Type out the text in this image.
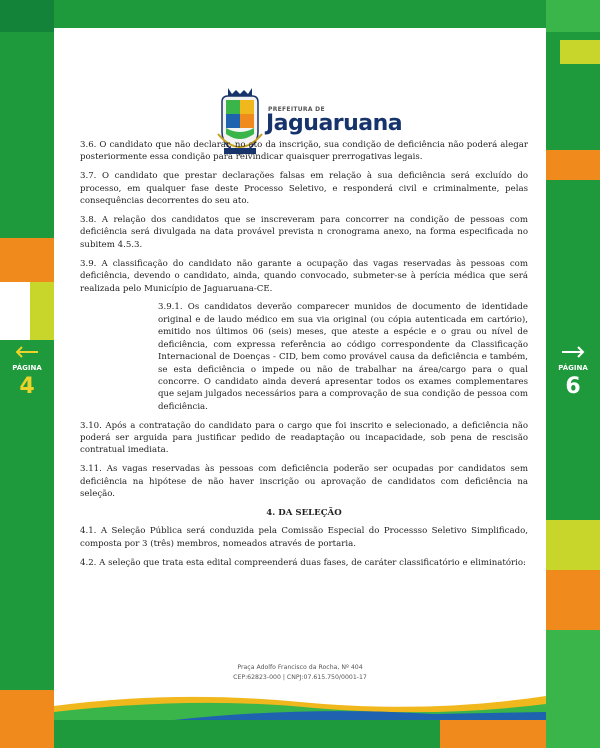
PÁGINA
4
PÁGINA
6
PREFEITURA DE
Jaguaruana

3.6. O candidato que não declarar, no ato da inscrição, sua condição de deficiência não poderá alegar posteriormente essa condição para reivindicar quaisquer prerrogativas legais.

3.7. O candidato que prestar declarações falsas em relação à sua deficiência será excluído do processo, em qualquer fase deste Processo Seletivo, e responderá civil e criminalmente, pelas consequências decorrentes do seu ato.

3.8. A relação dos candidatos que se inscreveram para concorrer na condição de pessoas com deficiência será divulgada na data provável prevista n cronograma anexo, na forma especificada no subitem 4.5.3.

3.9. A classificação do candidato não garante a ocupação das vagas reservadas às pessoas com deficiência, devendo o candidato, ainda, quando convocado, submeter-se à perícia médica que será realizada pelo Município de Jaguaruana-CE.

3.9.1. Os candidatos deverão comparecer munidos de documento de identidade original e de laudo médico em sua via original (ou cópia autenticada em cartório), emitido nos últimos 06 (seis) meses, que ateste a espécie e o grau ou nível de deficiência, com expressa referência ao código correspondente da Classificação Internacional de Doenças - CID, bem como provável causa da deficiência e também, se esta deficiência o impede ou não de trabalhar na área/cargo para o qual concorre. O candidato ainda deverá apresentar todos os exames complementares que sejam julgados necessários para a comprovação de sua condição de pessoa com deficiência.

3.10. Após a contratação do candidato para o cargo que foi inscrito e selecionado, a deficiência não poderá ser arguida para justificar pedido de readaptação ou incapacidade, sob pena de rescisão contratual imediata.

3.11. As vagas reservadas às pessoas com deficiência poderão ser ocupadas por candidatos sem deficiência na hipótese de não haver inscrição ou aprovação de candidatos com deficiência na seleção.

4. DA SELEÇÃO

4.1. A Seleção Pública será conduzida pela Comissão Especial do Processso Seletivo Simplificado, composta por 3 (três) membros, nomeados através de portaria.

4.2. A seleção que trata esta edital compreenderá duas fases, de caráter classificatório e eliminatório:

Praça Adolfo Francisco da Rocha, Nº 404
CEP:62823-000 | CNPJ:07.615.750/0001-17
